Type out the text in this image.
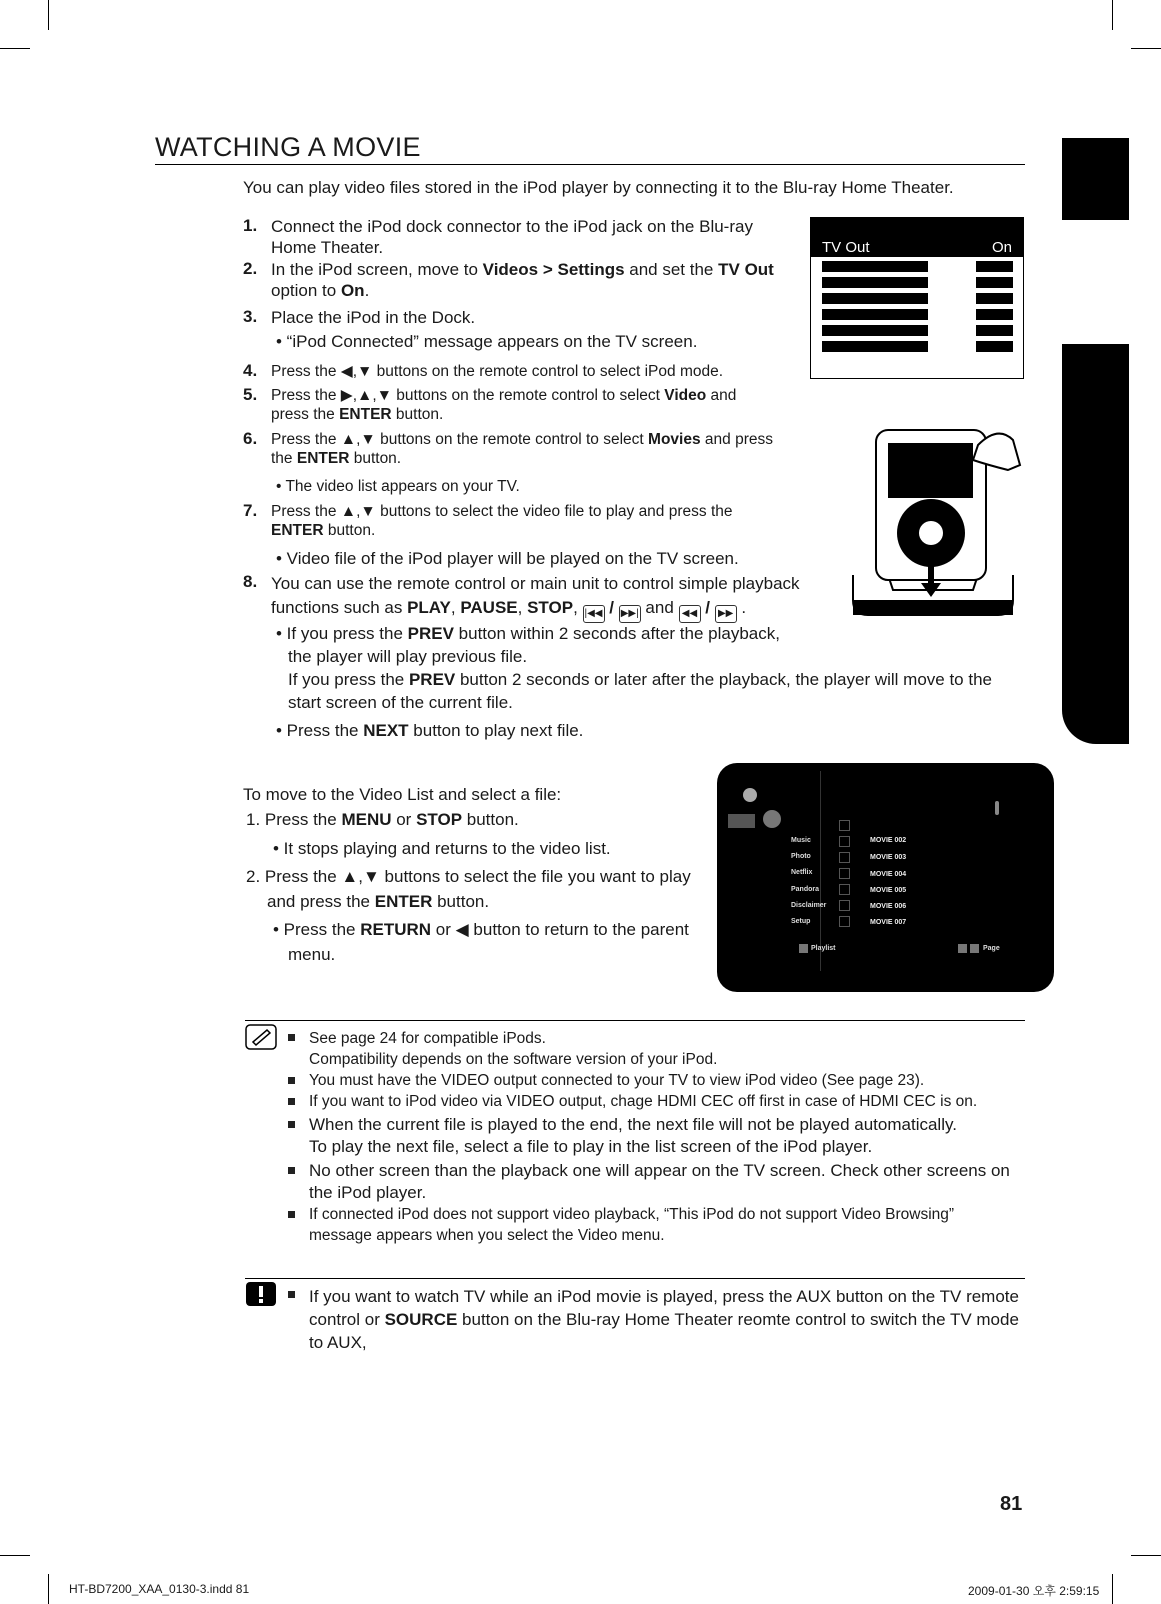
WATCHING A MOVIE
You can play video files stored in the iPod player by connecting it to the Blu-ray Home Theater.
1. Connect the iPod dock connector to the iPod jack on the Blu-ray
Home Theater.
2. In the iPod screen, move to Videos > Settings and set the TV Out
option to On.
3. Place the iPod in the Dock.
• “iPod Connected” message appears on the TV screen.
4. Press the ◀,▼ buttons on the remote control to select iPod mode.
5. Press the ▶,▲,▼ buttons on the remote control to select Video and
press the ENTER button.
6. Press the ▲,▼ buttons on the remote control to select Movies and press
the ENTER button.
• The video list appears on your TV.
7. Press the ▲,▼ buttons to select the video file to play and press the
ENTER button.
• Video file of the iPod player will be played on the TV screen.
8. You can use the remote control or main unit to control simple playback
functions such as PLAY, PAUSE, STOP, |◀◀ / ▶▶| and ◀◀ / ▶▶ .
• If you press the PREV button within 2 seconds after the playback,
the player will play previous file.
If you press the PREV button 2 seconds or later after the playback, the player will move to the
start screen of the current file.
• Press the NEXT button to play next file.
TV Out	On
To move to the Video List and select a file:
1. Press the MENU or STOP button.
• It stops playing and returns to the video list.
2. Press the ▲,▼ buttons to select the file you want to play
and press the ENTER button.
• Press the RETURN or ◀ button to return to the parent
menu.
Music
Photo
Netflix
Pandora
Disclaimer
Setup
MOVIE 002
MOVIE 003
MOVIE 004
MOVIE 005
MOVIE 006
MOVIE 007
Playlist	Page
See page 24 for compatible iPods.
Compatibility depends on the software version of your iPod.
You must have the VIDEO output connected to your TV to view iPod video (See page 23).
If you want to iPod video via VIDEO output, chage HDMI CEC off first in case of HDMI CEC is on.
When the current file is played to the end, the next file will not be played automatically.
To play the next file, select a file to play in the list screen of the iPod player.
No other screen than the playback one will appear on the TV screen. Check other screens on
the iPod player.
If connected iPod does not support video playback, “This iPod do not support Video Browsing”
message appears when you select the Video menu.
If you want to watch TV while an iPod movie is played, press the AUX button on the TV remote
control or SOURCE button on the Blu-ray Home Theater reomte control to switch the TV mode
to AUX,
81
HT-BD7200_XAA_0130-3.indd 81	2009-01-30 오후 2:59:15
